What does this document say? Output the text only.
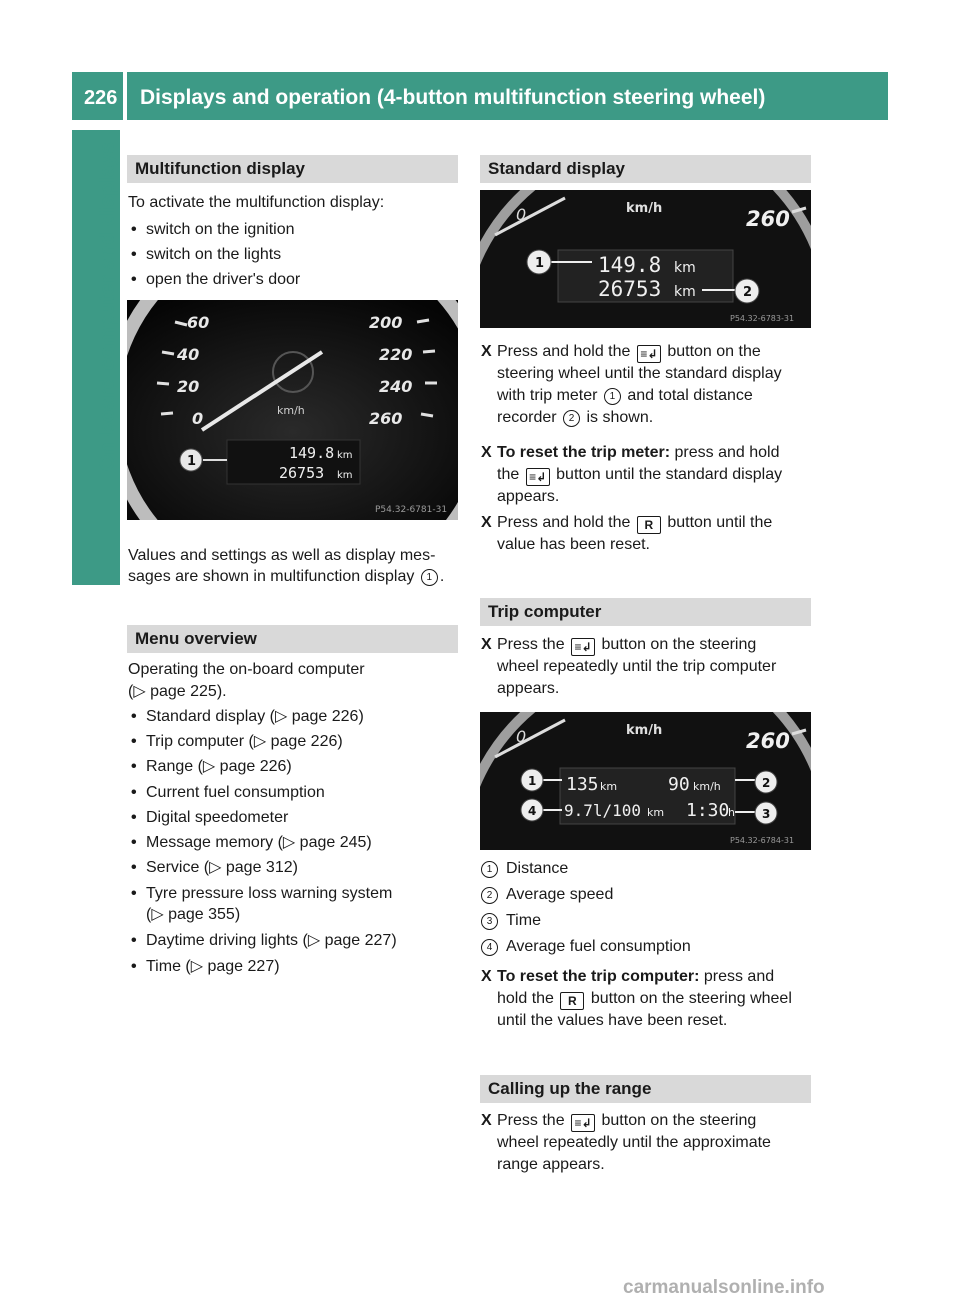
226 Displays and operation (4-button multifunction steering wheel)
On-board computer and displays Multifunction display
To activate the multifunction display:
• switch on the ignition
• switch on the lights
• open the driver's door
60
40
20
0
200
220
240
260
km/h
149.8
26753
km
km
1
P54.32-6781-31
Values and settings as well as display mes-
sages are shown in multifunction display 1 .
Menu overview
Operating the on-board computer
(▷ page 225).
• Standard display (▷ page 226)
• Trip computer (▷ page 226)
• Range (▷ page 226)
• Current fuel consumption
• Digital speedometer
• Message memory (▷ page 245)
• Service (▷ page 312)
• Tyre pressure loss warning system
(▷ page 355)
• Daytime driving lights (▷ page 227)
• Time (▷ page 227)
Standard display
0	km/h	260
149.8
26753
km
km
1
2
P54.32-6783-31
X Press and hold the ≡↲ button on the
steering wheel until the standard display
with trip meter 1 and total distance
recorder 2 is shown.
X To reset the trip meter: press and hold
the ≡↲ button until the standard display
appears.
X Press and hold the R button until the
value has been reset.
Trip computer
X Press the ≡↲ button on the steering
wheel repeatedly until the trip computer
appears.
0	km/h	260
135	90
9.7l/100 1:30
km	km/h
km	h
1
4
2
3
P54.32-6784-31
1 Distance
2 Average speed
3 Time
4 Average fuel consumption
X To reset the trip computer: press and
hold the R button on the steering wheel
until the values have been reset.
Calling up the range
X Press the ≡↲ button on the steering
wheel repeatedly until the approximate
range appears.
carmanualsonline.info
